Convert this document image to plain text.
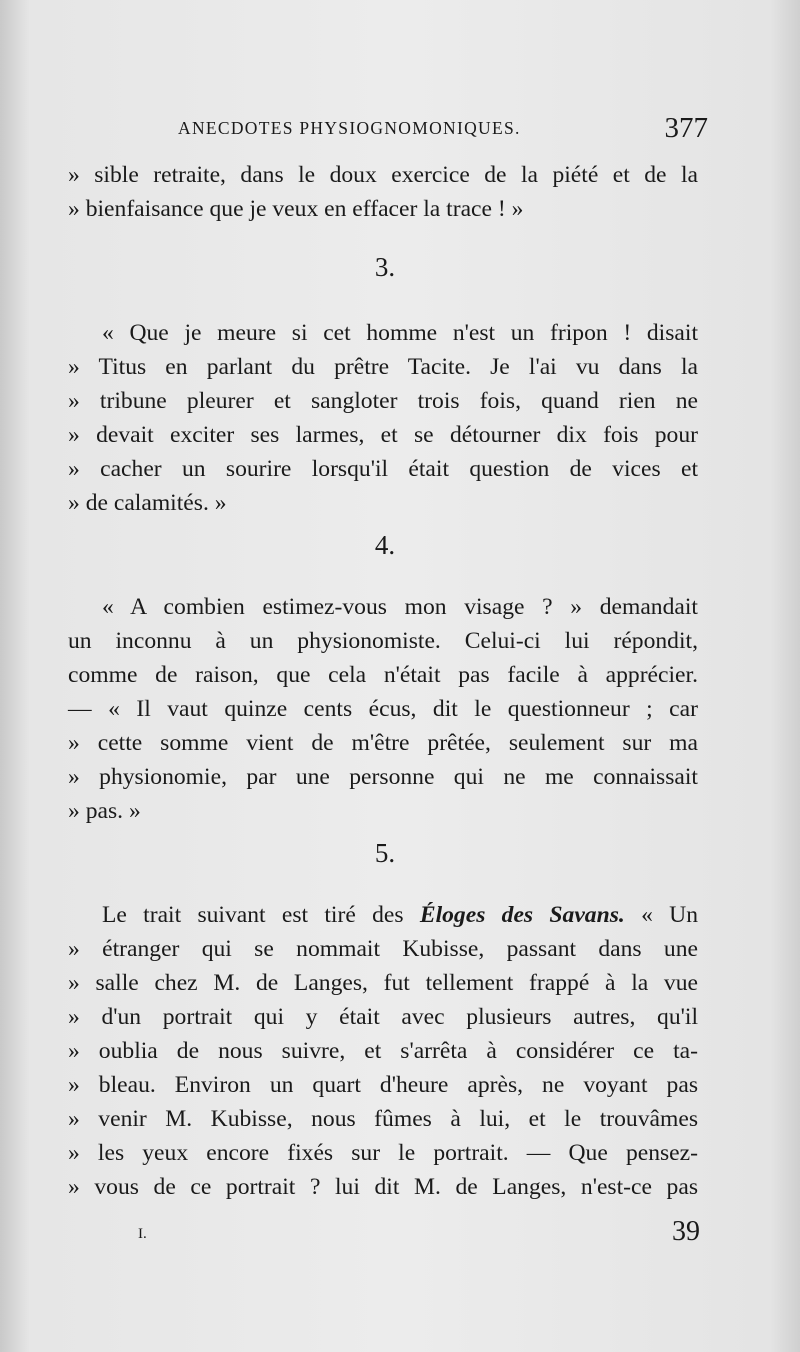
ANECDOTES PHYSIOGNOMONIQUES.	377
» sible retraite, dans le doux exercice de la piété et de la
» bienfaisance que je veux en effacer la trace ! »
3.
« Que je meure si cet homme n'est un fripon ! disait
» Titus en parlant du prêtre Tacite. Je l'ai vu dans la
» tribune pleurer et sangloter trois fois, quand rien ne
» devait exciter ses larmes, et se détourner dix fois pour
» cacher un sourire lorsqu'il était question de vices et
» de calamités. »
4.
« A combien estimez-vous mon visage ? » demandait
un inconnu à un physionomiste. Celui-ci lui répondit,
comme de raison, que cela n'était pas facile à apprécier.
— « Il vaut quinze cents écus, dit le questionneur ; car
» cette somme vient de m'être prêtée, seulement sur ma
» physionomie, par une personne qui ne me connaissait
» pas. »
5.
Le trait suivant est tiré des Éloges des Savans. « Un
» étranger qui se nommait Kubisse, passant dans une
» salle chez M. de Langes, fut tellement frappé à la vue
» d'un portrait qui y était avec plusieurs autres, qu'il
» oublia de nous suivre, et s'arrêta à considérer ce ta-
» bleau. Environ un quart d'heure après, ne voyant pas
» venir M. Kubisse, nous fûmes à lui, et le trouvâmes
» les yeux encore fixés sur le portrait. — Que pensez-
» vous de ce portrait ? lui dit M. de Langes, n'est-ce pas
I.	39
